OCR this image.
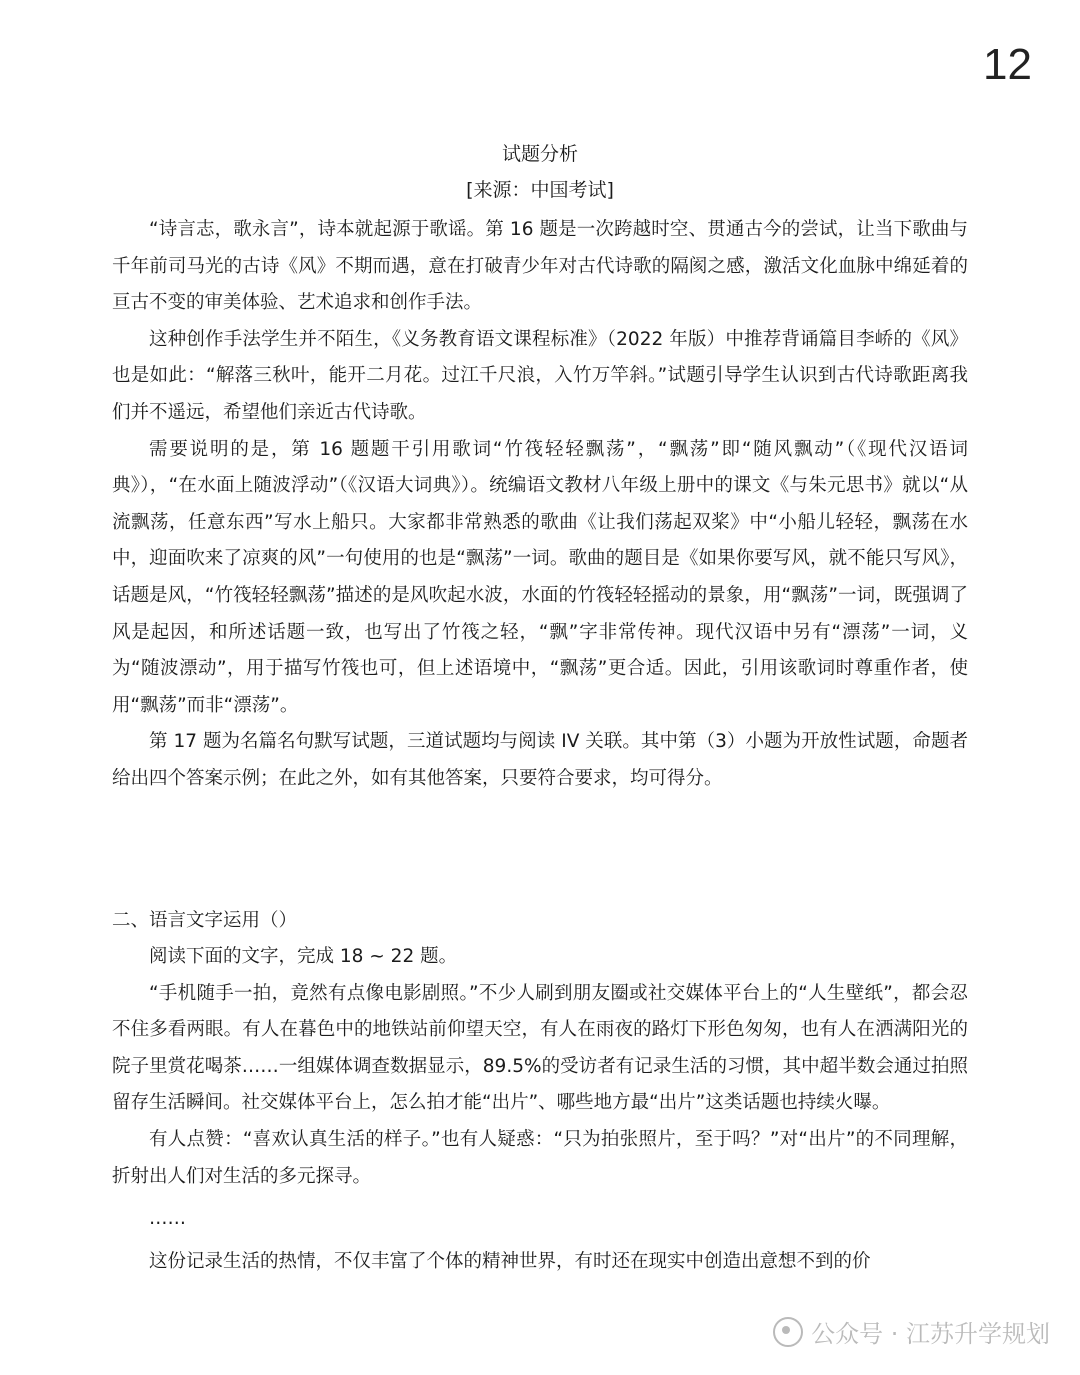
12
试题分析
[来源：中国考试]

“诗言志，歌永言”，诗本就起源于歌谣。第 16 题是一次跨越时空、贯通古今的尝试，让当下歌曲与千年前司马光的古诗《风》不期而遇，意在打破青少年对古代诗歌的隔阂之感，激活文化血脉中绵延着的亘古不变的审美体验、艺术追求和创作手法。

这种创作手法学生并不陌生，《义务教育语文课程标准》（2022 年版）中推荐背诵篇目李峤的《风》也是如此：“解落三秋叶，能开二月花。过江千尺浪，入竹万竿斜。”试题引导学生认识到古代诗歌距离我们并不遥远，希望他们亲近古代诗歌。

需要说明的是，第 16 题题干引用歌词“竹筏轻轻飘荡”，“飘荡”即“随风飘动”（《现代汉语词典》），“在水面上随波浮动”（《汉语大词典》）。统编语文教材八年级上册中的课文《与朱元思书》就以“从流飘荡，任意东西”写水上船只。大家都非常熟悉的歌曲《让我们荡起双桨》中“小船儿轻轻，飘荡在水中，迎面吹来了凉爽的风”一句使用的也是“飘荡”一词。歌曲的题目是《如果你要写风，就不能只写风》，话题是风，“竹筏轻轻飘荡”描述的是风吹起水波，水面的竹筏轻轻摇动的景象，用“飘荡”一词，既强调了风是起因，和所述话题一致，也写出了竹筏之轻，“飘”字非常传神。现代汉语中另有“漂荡”一词，义为“随波漂动”，用于描写竹筏也可，但上述语境中，“飘荡”更合适。因此，引用该歌词时尊重作者，使用“飘荡”而非“漂荡”。

第 17 题为名篇名句默写试题，三道试题均与阅读 IV 关联。其中第（3）小题为开放性试题，命题者给出四个答案示例；在此之外，如有其他答案，只要符合要求，均可得分。

二、语言文字运用（）

阅读下面的文字，完成 18 ~ 22 题。

“手机随手一拍，竟然有点像电影剧照。”不少人刷到朋友圈或社交媒体平台上的“人生壁纸”，都会忍不住多看两眼。有人在暮色中的地铁站前仰望天空，有人在雨夜的路灯下形色匆匆，也有人在洒满阳光的院子里赏花喝茶……一组媒体调查数据显示，89.5%的受访者有记录生活的习惯，其中超半数会通过拍照留存生活瞬间。社交媒体平台上，怎么拍才能“出片”、哪些地方最“出片”这类话题也持续火曝。

有人点赞：“喜欢认真生活的样子。”也有人疑惑：“只为拍张照片，至于吗？”对“出片”的不同理解，折射出人们对生活的多元探寻。

……

这份记录生活的热情，不仅丰富了个体的精神世界，有时还在现实中创造出意想不到的价

公众号 · 江苏升学规划
